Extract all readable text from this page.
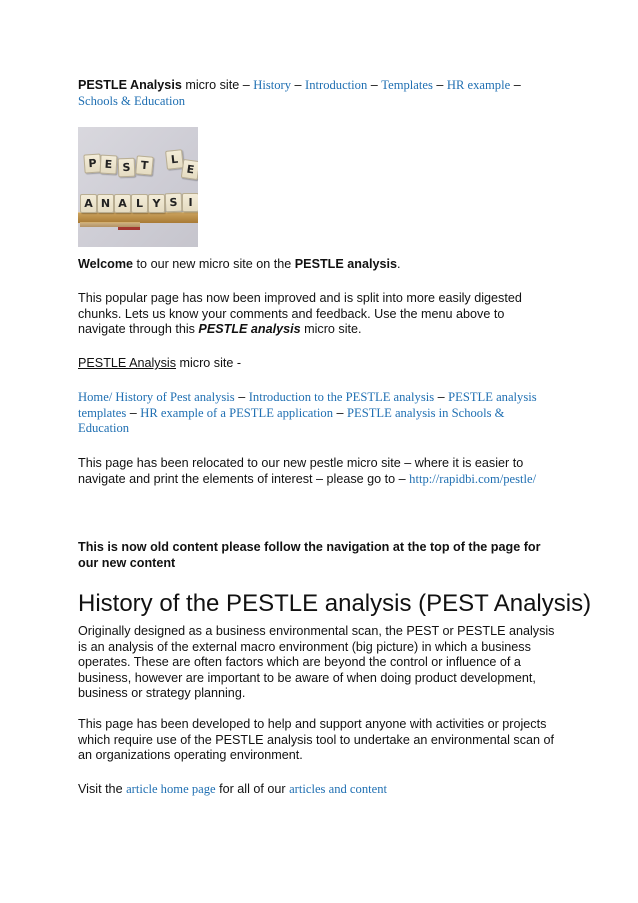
PESTLE Analysis micro site – History – Introduction – Templates – HR example –
Schools & Education

P E S T	L
E
A N A L Y S I

Welcome to our new micro site on the PESTLE analysis.

This popular page has now been improved and is split into more easily digested chunks. Lets us know your comments and feedback. Use the menu above to navigate through this PESTLE analysis micro site.

PESTLE Analysis micro site -

Home/ History of Pest analysis – Introduction to the PESTLE analysis – PESTLE analysis templates – HR example of a PESTLE application – PESTLE analysis in Schools & Education

This page has been relocated to our new pestle micro site – where it is easier to navigate and print the elements of interest – please go to – http://rapidbi.com/pestle/

This is now old content please follow the navigation at the top of the page for our new content

History of the PESTLE analysis (PEST Analysis)

Originally designed as a business environmental scan, the PEST or PESTLE analysis is an analysis of the external macro environment (big picture) in which a business operates. These are often factors which are beyond the control or influence of a business, however are important to be aware of when doing product development, business or strategy planning.

This page has been developed to help and support anyone with activities or projects which require use of the PESTLE analysis tool to undertake an environmental scan of an organizations operating environment.

Visit the article home page for all of our articles and content
